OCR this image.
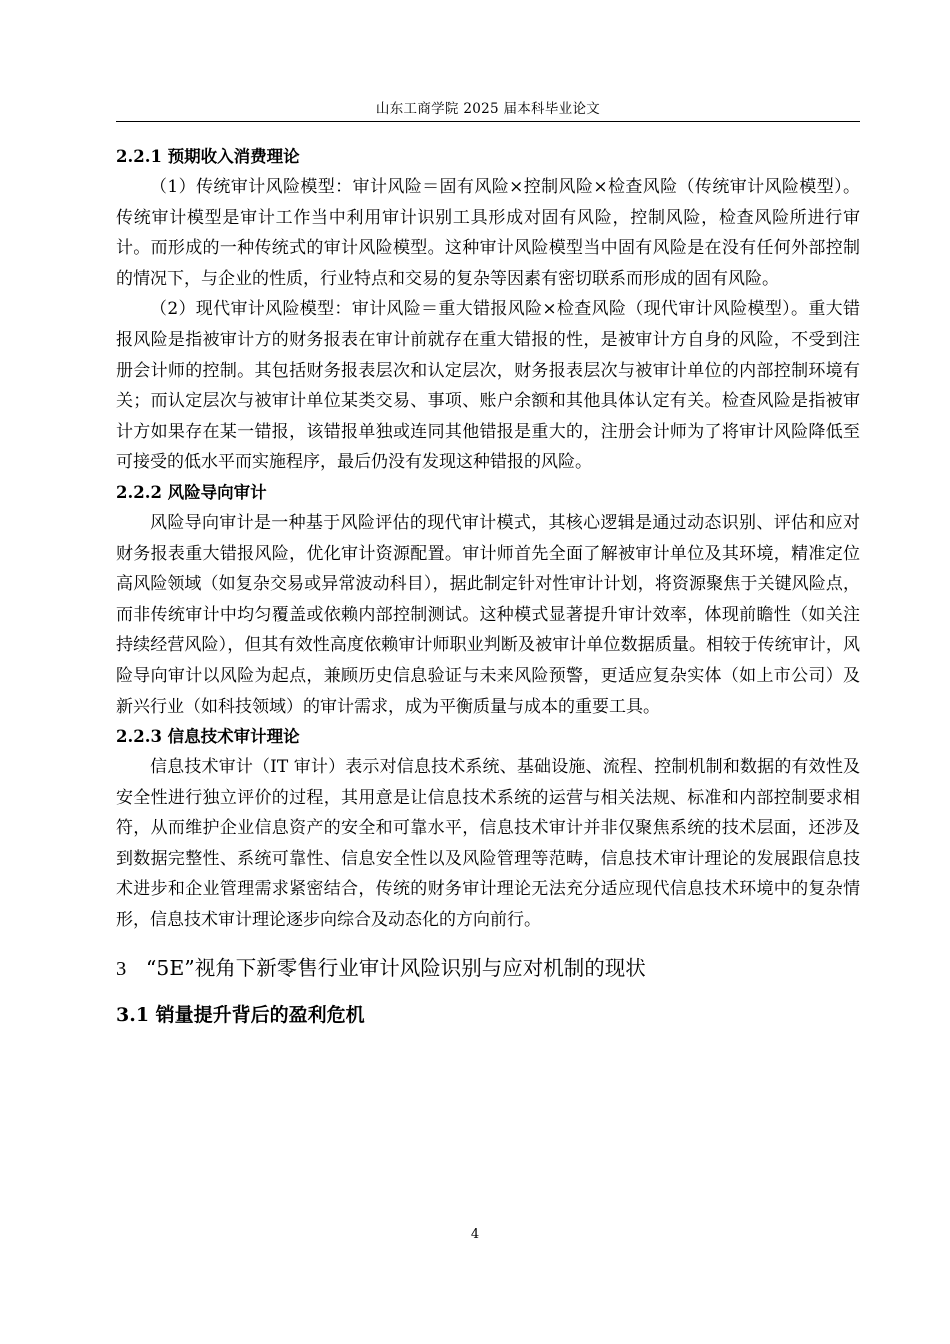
山东工商学院 2025 届本科毕业论文
2.2.1 预期收入消费理论

（1）传统审计风险模型：审计风险＝固有风险×控制风险×检查风险（传统审计风险模型）。传统审计模型是审计工作当中利用审计识别工具形成对固有风险，控制风险，检查风险所进行审计。而形成的一种传统式的审计风险模型。这种审计风险模型当中固有风险是在没有任何外部控制的情况下，与企业的性质，行业特点和交易的复杂等因素有密切联系而形成的固有风险。

（2）现代审计风险模型：审计风险＝重大错报风险×检查风险（现代审计风险模型）。重大错报风险是指被审计方的财务报表在审计前就存在重大错报的性，是被审计方自身的风险，不受到注册会计师的控制。其包括财务报表层次和认定层次，财务报表层次与被审计单位的内部控制环境有关；而认定层次与被审计单位某类交易、事项、账户余额和其他具体认定有关。检查风险是指被审计方如果存在某一错报，该错报单独或连同其他错报是重大的，注册会计师为了将审计风险降低至可接受的低水平而实施程序，最后仍没有发现这种错报的风险。

2.2.2 风险导向审计

风险导向审计是一种基于风险评估的现代审计模式，其核心逻辑是通过动态识别、评估和应对财务报表重大错报风险，优化审计资源配置。审计师首先全面了解被审计单位及其环境，精准定位高风险领域（如复杂交易或异常波动科目），据此制定针对性审计计划，将资源聚焦于关键风险点，而非传统审计中均匀覆盖或依赖内部控制测试。这种模式显著提升审计效率，体现前瞻性（如关注持续经营风险），但其有效性高度依赖审计师职业判断及被审计单位数据质量。相较于传统审计，风险导向审计以风险为起点，兼顾历史信息验证与未来风险预警，更适应复杂实体（如上市公司）及新兴行业（如科技领域）的审计需求，成为平衡质量与成本的重要工具。

2.2.3 信息技术审计理论

信息技术审计（IT 审计）表示对信息技术系统、基础设施、流程、控制机制和数据的有效性及安全性进行独立评价的过程，其用意是让信息技术系统的运营与相关法规、标准和内部控制要求相符，从而维护企业信息资产的安全和可靠水平，信息技术审计并非仅聚焦系统的技术层面，还涉及到数据完整性、系统可靠性、信息安全性以及风险管理等范畴，信息技术审计理论的发展跟信息技术进步和企业管理需求紧密结合，传统的财务审计理论无法充分适应现代信息技术环境中的复杂情形，信息技术审计理论逐步向综合及动态化的方向前行。

3 “5E”视角下新零售行业审计风险识别与应对机制的现状
3.1 销量提升背后的盈利危机
4
